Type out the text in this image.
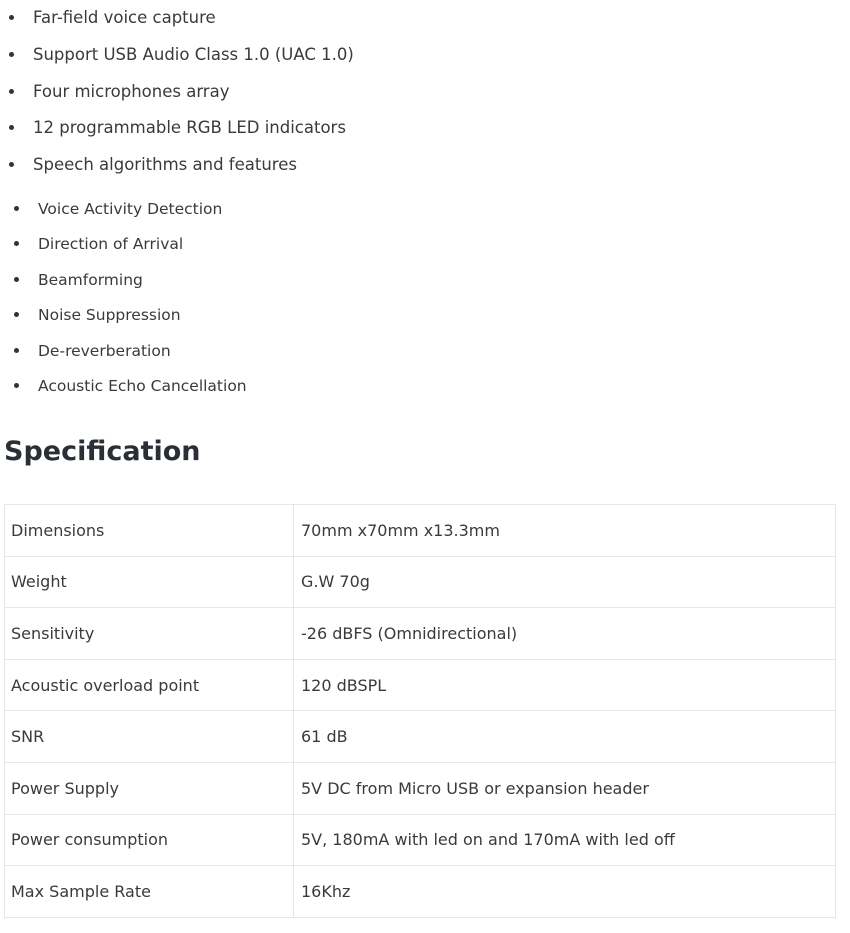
Far-field voice capture
Support USB Audio Class 1.0 (UAC 1.0)
Four microphones array
12 programmable RGB LED indicators
Speech algorithms and features
Voice Activity Detection
Direction of Arrival
Beamforming
Noise Suppression
De-reverberation
Acoustic Echo Cancellation
Specification
Dimensions	70mm x70mm x13.3mm
Weight	G.W 70g
Sensitivity	-26 dBFS (Omnidirectional)
Acoustic overload point	120 dBSPL
SNR	61 dB
Power Supply	5V DC from Micro USB or expansion header
Power consumption	5V, 180mA with led on and 170mA with led off
Max Sample Rate	16Khz
